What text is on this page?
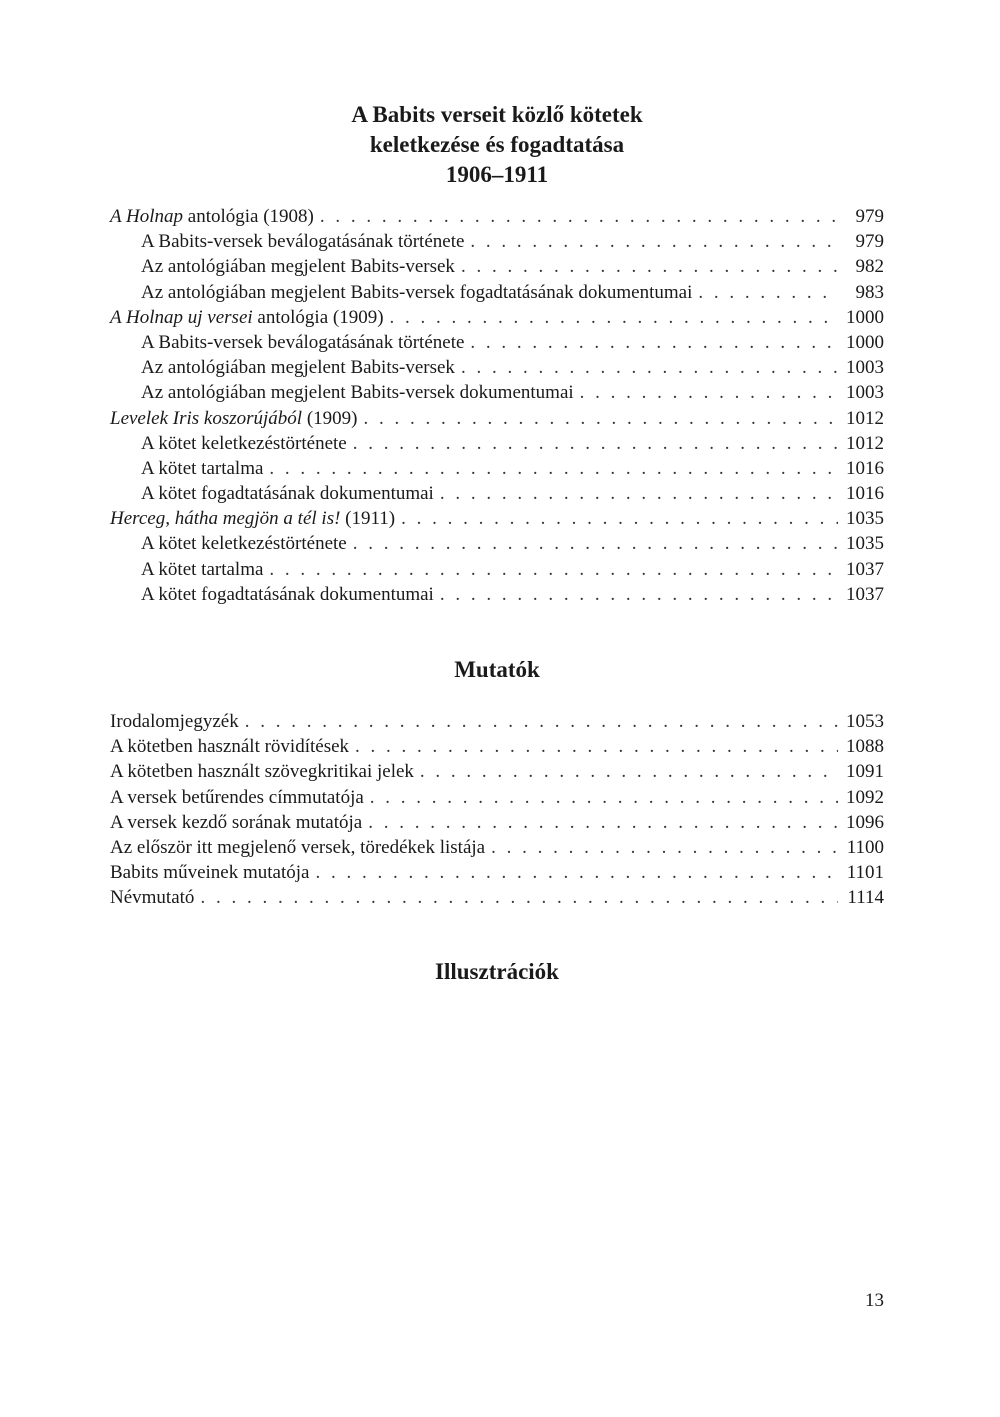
A Babits verseit közlő kötetek
keletkezése és fogadtatása
1906–1911
A Holnap antológia (1908) . . .	979
A Babits-versek beválogatásának története . . .	979
Az antológiában megjelent Babits-versek . . .	982
Az antológiában megjelent Babits-versek fogadtatásának dokumentumai . . .	983
A Holnap uj versei antológia (1909) . . .	1000
A Babits-versek beválogatásának története . . .	1000
Az antológiában megjelent Babits-versek . . .	1003
Az antológiában megjelent Babits-versek dokumentumai . . .	1003
Levelek Iris koszorújából (1909) . . .	1012
A kötet keletkezéstörténete . . .	1012
A kötet tartalma . . .	1016
A kötet fogadtatásának dokumentumai . . .	1016
Herceg, hátha megjön a tél is! (1911) . . .	1035
A kötet keletkezéstörténete . . .	1035
A kötet tartalma . . .	1037
A kötet fogadtatásának dokumentumai . . .	1037
Mutatók
Irodalomjegyzék . . .	1053
A kötetben használt rövidítések . . .	1088
A kötetben használt szövegkritikai jelek . . .	1091
A versek betűrendes címmutatója . . .	1092
A versek kezdő sorának mutatója . . .	1096
Az először itt megjelenő versek, töredékek listája . . .	1100
Babits műveinek mutatója . . .	1101
Névmutató . . .	1114
Illusztrációk
13
